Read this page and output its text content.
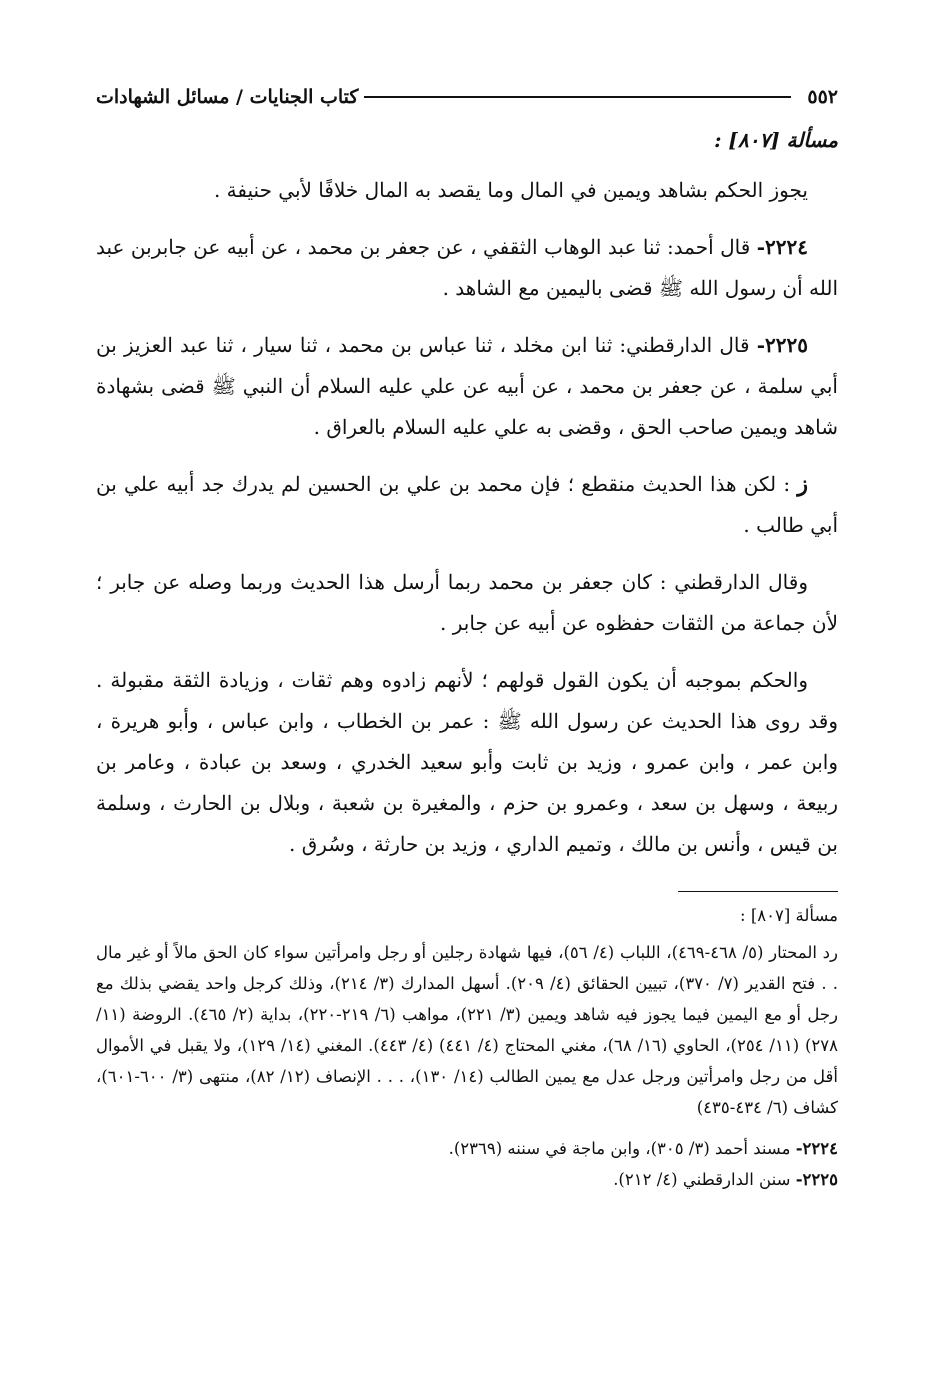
٥٥٢
كتاب الجنايات / مسائل الشهادات
مسألة [٨٠٧] :

يجوز الحكم بشاهد ويمين في المال وما يقصد به المال خلافًا لأبي حنيفة .

٢٢٢٤- قال أحمد: ثنا عبد الوهاب الثقفي ، عن جعفر بن محمد ، عن أبيه عن جابربن عبد الله أن رسول الله ﷺ قضى باليمين مع الشاهد .

٢٢٢٥- قال الدارقطني: ثنا ابن مخلد ، ثنا عباس بن محمد ، ثنا سيار ، ثنا عبد العزيز بن أبي سلمة ، عن جعفر بن محمد ، عن أبيه عن علي عليه السلام أن النبي ﷺ قضى بشهادة شاهد ويمين صاحب الحق ، وقضى به علي عليه السلام بالعراق .

ز : لكن هذا الحديث منقطع ؛ فإن محمد بن علي بن الحسين لم يدرك جد أبيه علي بن أبي طالب .

وقال الدارقطني : كان جعفر بن محمد ربما أرسل هذا الحديث وربما وصله عن جابر ؛ لأن جماعة من الثقات حفظوه عن أبيه عن جابر .

والحكم بموجبه أن يكون القول قولهم ؛ لأنهم زادوه وهم ثقات ، وزيادة الثقة مقبولة . وقد روى هذا الحديث عن رسول الله ﷺ : عمر بن الخطاب ، وابن عباس ، وأبو هريرة ، وابن عمر ، وابن عمرو ، وزيد بن ثابت وأبو سعيد الخدري ، وسعد بن عبادة ، وعامر بن ربيعة ، وسهل بن سعد ، وعمرو بن حزم ، والمغيرة بن شعبة ، وبلال بن الحارث ، وسلمة بن قيس ، وأنس بن مالك ، وتميم الداري ، وزيد بن حارثة ، وسُرق .

مسألة [٨٠٧] :

رد المحتار (٥/ ٤٦٨-٤٦٩)، اللباب (٤/ ٥٦)، فيها شهادة رجلين أو رجل وامرأتين سواء كان الحق مالاً أو غير مال . . فتح القدير (٧/ ٣٧٠)، تبيين الحقائق (٤/ ٢٠٩). أسهل المدارك (٣/ ٢١٤)، وذلك كرجل واحد يقضي بذلك مع رجل أو مع اليمين فيما يجوز فيه شاهد ويمين (٣/ ٢٢١)، مواهب (٦/ ٢١٩-٢٢٠)، بداية (٢/ ٤٦٥). الروضة (١١/ ٢٧٨) (١١/ ٢٥٤)، الحاوي (١٦/ ٦٨)، مغني المحتاج (٤/ ٤٤١) (٤/ ٤٤٣). المغني (١٤/ ١٢٩)، ولا يقبل في الأموال أقل من رجل وامرأتين ورجل عدل مع يمين الطالب (١٤/ ١٣٠)، . . . الإنصاف (١٢/ ٨٢)، منتهى (٣/ ٦٠٠-٦٠١)، كشاف (٦/ ٤٣٤-٤٣٥)

٢٢٢٤- مسند أحمد (٣/ ٣٠٥)، وابن ماجة في سننه (٢٣٦٩).

٢٢٢٥- سنن الدارقطني (٤/ ٢١٢).
